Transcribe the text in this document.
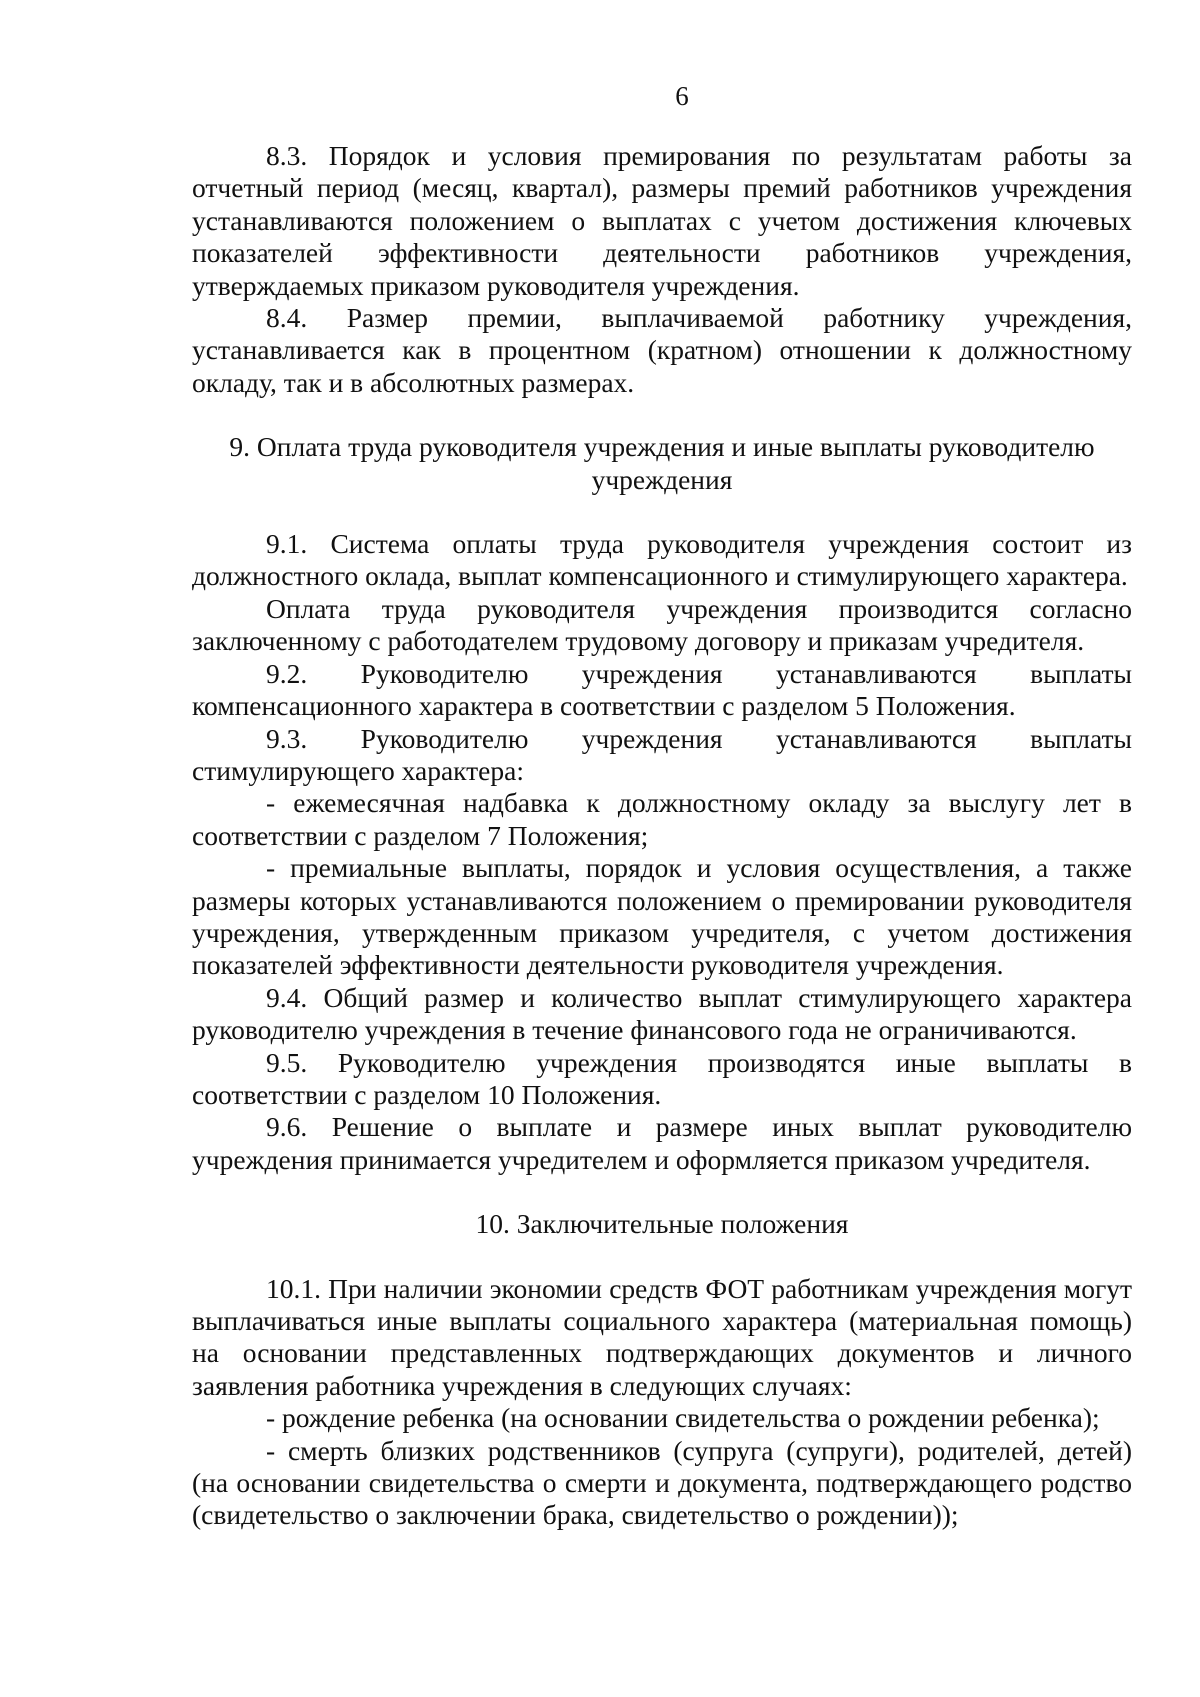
6

8.3. Порядок и условия премирования по результатам работы за отчетный период (месяц, квартал), размеры премий работников учреждения устанавливаются положением о выплатах с учетом достижения ключевых показателей эффективности деятельности работников учреждения, утверждаемых приказом руководителя учреждения.

8.4. Размер премии, выплачиваемой работнику учреждения, устанавливается как в процентном (кратном) отношении к должностному окладу, так и в абсолютных размерах.

9. Оплата труда руководителя учреждения и иные выплаты руководителю
учреждения

9.1. Система оплаты труда руководителя учреждения состоит из должностного оклада, выплат компенсационного и стимулирующего характера.

Оплата труда руководителя учреждения производится согласно заключенному с работодателем трудовому договору и приказам учредителя.

9.2. Руководителю учреждения устанавливаются выплаты компенсационного характера в соответствии с разделом 5 Положения.

9.3. Руководителю учреждения устанавливаются выплаты стимулирующего характера:

- ежемесячная надбавка к должностному окладу за выслугу лет в соответствии с разделом 7 Положения;

- премиальные выплаты, порядок и условия осуществления, а также размеры которых устанавливаются положением о премировании руководителя учреждения, утвержденным приказом учредителя, с учетом достижения показателей эффективности деятельности руководителя учреждения.

9.4. Общий размер и количество выплат стимулирующего характера руководителю учреждения в течение финансового года не ограничиваются.

9.5. Руководителю учреждения производятся иные выплаты в соответствии с разделом 10 Положения.

9.6. Решение о выплате и размере иных выплат руководителю учреждения принимается учредителем и оформляется приказом учредителя.

10. Заключительные положения

10.1. При наличии экономии средств ФОТ работникам учреждения могут выплачиваться иные выплаты социального характера (материальная помощь) на основании представленных подтверждающих документов и личного заявления работника учреждения в следующих случаях:

- рождение ребенка (на основании свидетельства о рождении ребенка);

- смерть близких родственников (супруга (супруги), родителей, детей) (на основании свидетельства о смерти и документа, подтверждающего родство (свидетельство о заключении брака, свидетельство о рождении));
